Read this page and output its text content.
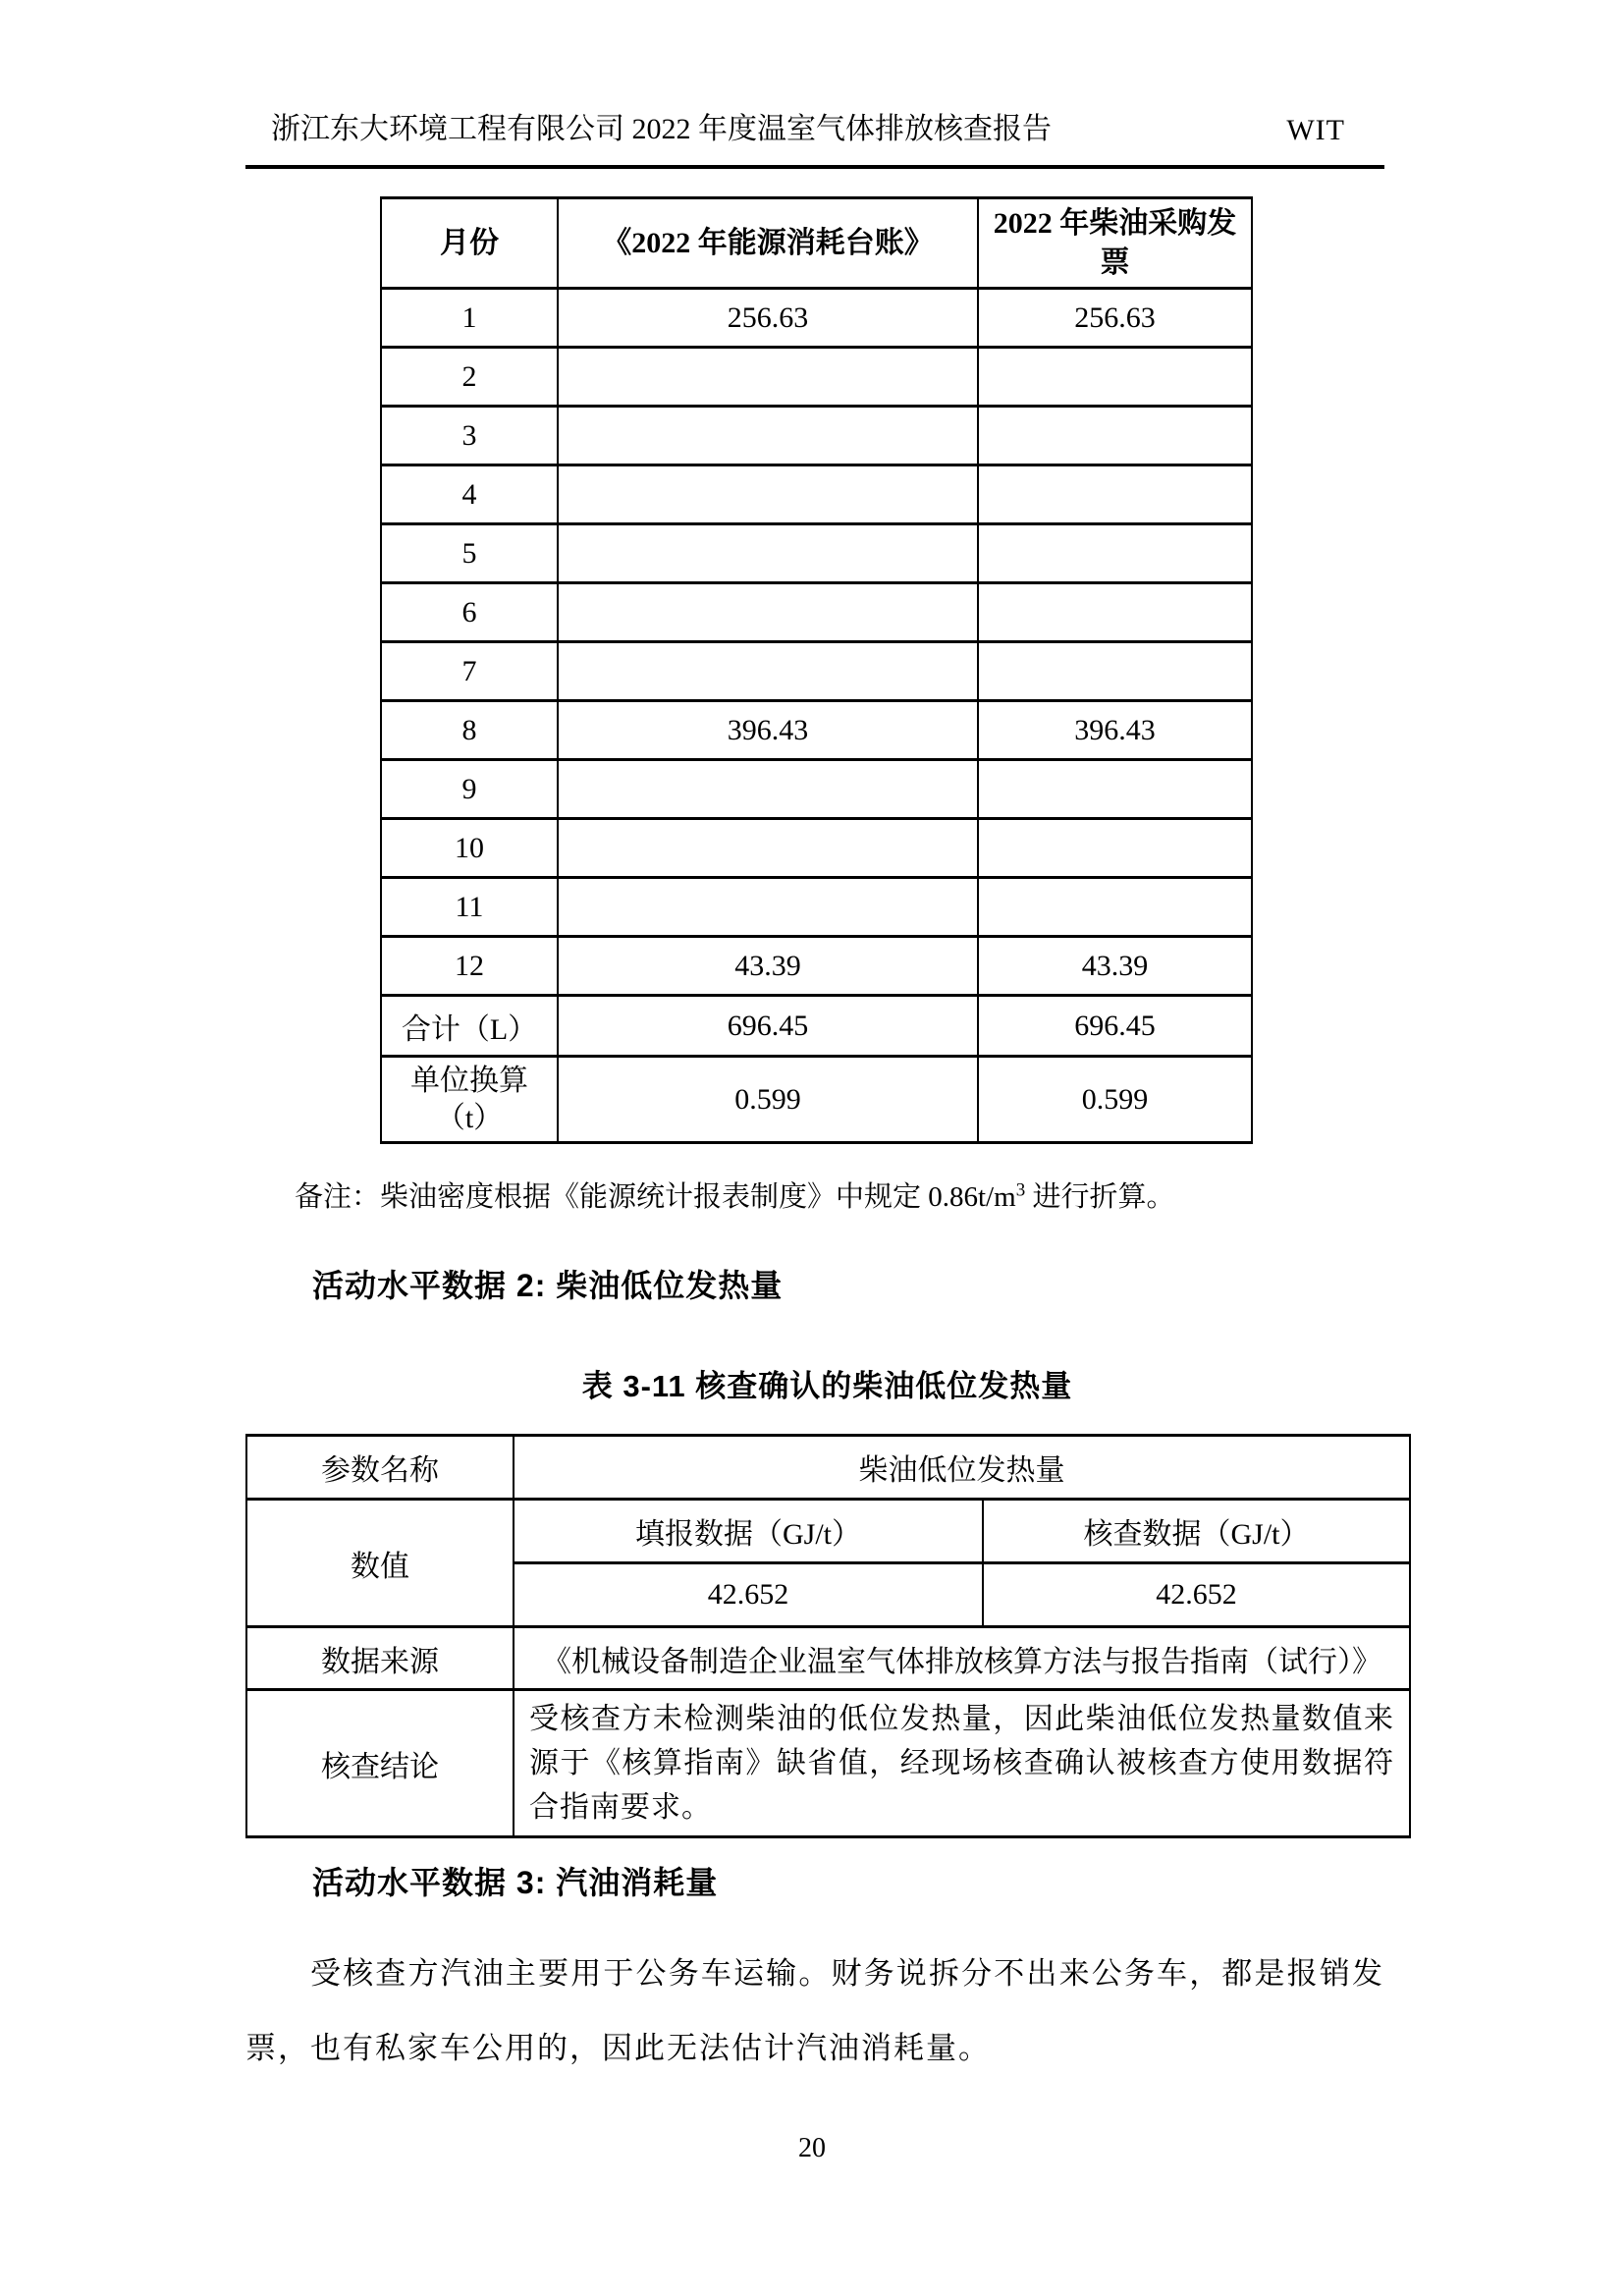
浙江东大环境工程有限公司 2022 年度温室气体排放核查报告	WIT
月份	《2022 年能源消耗台账》	2022 年柴油采购发票
1	256.63	256.63
2		
3		
4		
5		
6		
7		
8	396.43	396.43
9		
10		
11		
12	43.39	43.39
合计（L）	696.45	696.45
单位换算（t）	0.599	0.599
备注：柴油密度根据《能源统计报表制度》中规定 $0.86t/m^3$ 进行折算。
活动水平数据 2: 柴油低位发热量
表 3-11 核查确认的柴油低位发热量
参数名称	柴油低位发热量	
数值	填报数据（GJ/t）	核查数据（GJ/t）
	42.652	42.652
数据来源	《机械设备制造企业温室气体排放核算方法与报告指南（试行）》	
核查结论	受核查方未检测柴油的低位发热量，因此柴油低位发热量数值来源于《核算指南》缺省值，经现场核查确认被核查方使用数据符合指南要求。	
活动水平数据 3: 汽油消耗量
受核查方汽油主要用于公务车运输。财务说拆分不出来公务车，都是报销发票，也有私家车公用的，因此无法估计汽油消耗量。
20
